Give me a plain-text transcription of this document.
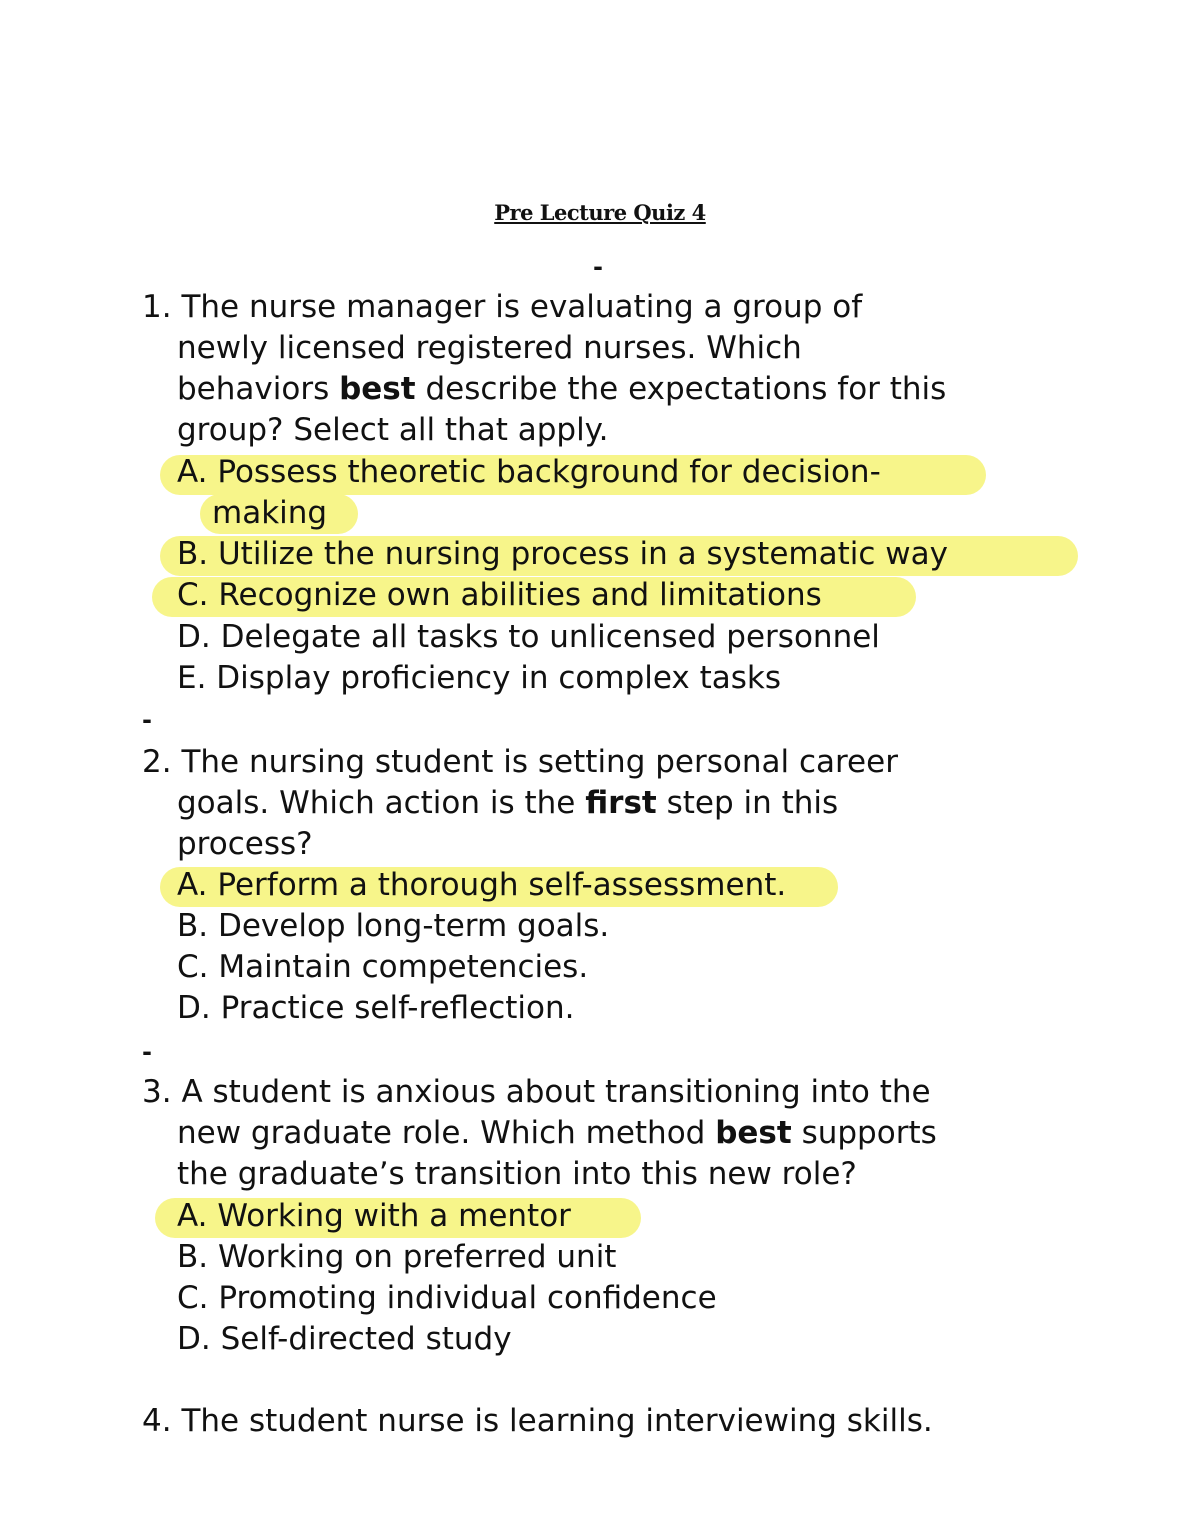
Pre Lecture Quiz 4
-
1. The nurse manager is evaluating a group of
newly licensed registered nurses. Which
behaviors best describe the expectations for this
group? Select all that apply.
A. Possess theoretic background for decision-
making
B. Utilize the nursing process in a systematic way
C. Recognize own abilities and limitations
D. Delegate all tasks to unlicensed personnel
E. Display proficiency in complex tasks
-
2. The nursing student is setting personal career
goals. Which action is the first step in this
process?
A. Perform a thorough self-assessment.
B. Develop long-term goals.
C. Maintain competencies.
D. Practice self-reflection.
-
3. A student is anxious about transitioning into the
new graduate role. Which method best supports
the graduate’s transition into this new role?
A. Working with a mentor
B. Working on preferred unit
C. Promoting individual confidence
D. Self-directed study
4. The student nurse is learning interviewing skills.
